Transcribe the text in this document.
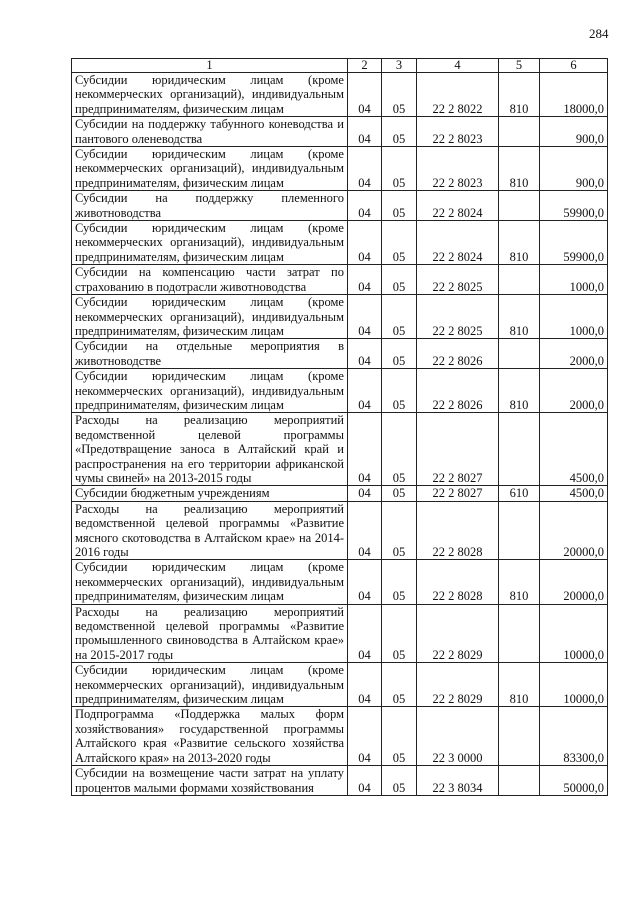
284
1	2	3	4	5	6
Субсидии юридическим лицам (кроме некоммерческих организаций), индивидуальным предпринимателям, физическим лицам	04	05	22 2 8022	810	18000,0
Субсидии на поддержку табунного коневодства и пантового оленеводства	04	05	22 2 8023		900,0
Субсидии юридическим лицам (кроме некоммерческих организаций), индивидуальным предпринимателям, физическим лицам	04	05	22 2 8023	810	900,0
Субсидии на поддержку племенного животноводства	04	05	22 2 8024		59900,0
Субсидии юридическим лицам (кроме некоммерческих организаций), индивидуальным предпринимателям, физическим лицам	04	05	22 2 8024	810	59900,0
Субсидии на компенсацию части затрат по страхованию в подотрасли животноводства	04	05	22 2 8025		1000,0
Субсидии юридическим лицам (кроме некоммерческих организаций), индивидуальным предпринимателям, физическим лицам	04	05	22 2 8025	810	1000,0
Субсидии на отдельные мероприятия в животноводстве	04	05	22 2 8026		2000,0
Субсидии юридическим лицам (кроме некоммерческих организаций), индивидуальным предпринимателям, физическим лицам	04	05	22 2 8026	810	2000,0
Расходы на реализацию мероприятий ведомственной целевой программы «Предотвращение заноса в Алтайский край и распространения на его территории африканской чумы свиней» на 2013-2015 годы	04	05	22 2 8027		4500,0
Субсидии бюджетным учреждениям	04	05	22 2 8027	610	4500,0
Расходы на реализацию мероприятий ведомственной целевой программы «Развитие мясного скотоводства в Алтайском крае» на 2014-2016 годы	04	05	22 2 8028		20000,0
Субсидии юридическим лицам (кроме некоммерческих организаций), индивидуальным предпринимателям, физическим лицам	04	05	22 2 8028	810	20000,0
Расходы на реализацию мероприятий ведомственной целевой программы «Развитие промышленного свиноводства в Алтайском крае» на 2015-2017 годы	04	05	22 2 8029		10000,0
Субсидии юридическим лицам (кроме некоммерческих организаций), индивидуальным предпринимателям, физическим лицам	04	05	22 2 8029	810	10000,0
Подпрограмма «Поддержка малых форм хозяйствования» государственной программы Алтайского края «Развитие сельского хозяйства Алтайского края» на 2013-2020 годы	04	05	22 3 0000		83300,0
Субсидии на возмещение части затрат на уплату процентов малыми формами хозяйствования	04	05	22 3 8034		50000,0
